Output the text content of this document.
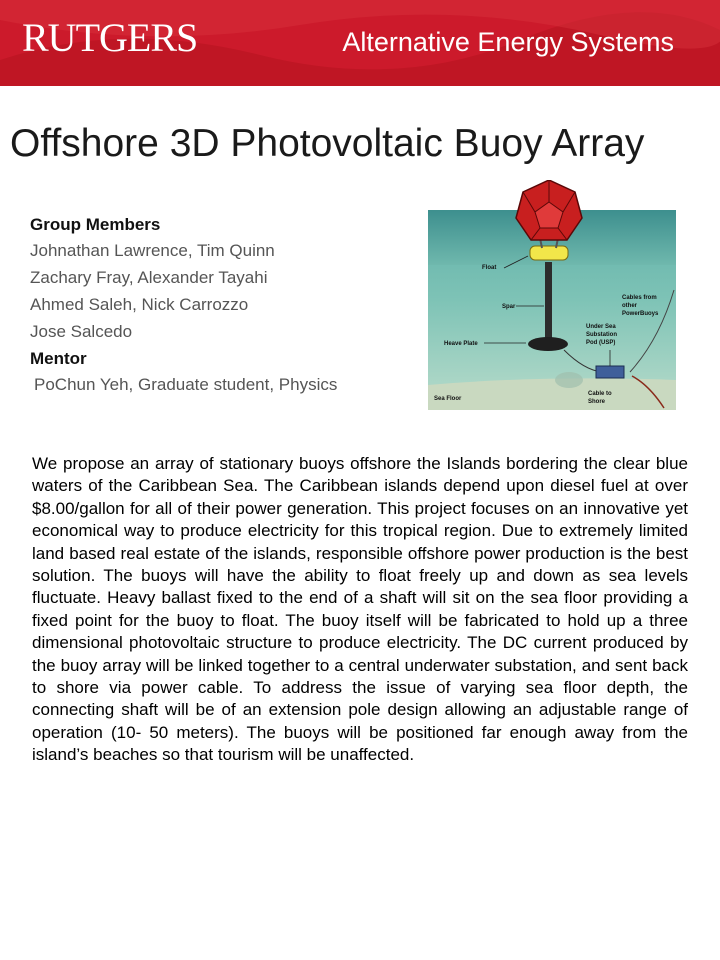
RUTGERS	Alternative Energy Systems
Offshore 3D Photovoltaic Buoy Array
Group Members
Johnathan Lawrence, Tim Quinn
Zachary Fray, Alexander Tayahi
Ahmed Saleh, Nick Carrozzo
Jose Salcedo
Mentor
PoChun Yeh, Graduate student, Physics
Float
Spar
Heave Plate
Sea Floor
Cables from
other
PowerBuoys
Under Sea
Substation
Pod (USP)
Cable to
Shore
We propose an array of stationary buoys offshore the Islands bordering the clear blue waters of the Caribbean Sea. The Caribbean islands depend upon diesel fuel at over $8.00/gallon for all of their power generation. This project focuses on an innovative yet economical way to produce electricity for this tropical region. Due to extremely limited land based real estate of the islands, responsible offshore power production is the best solution. The buoys will have the ability to float freely up and down as sea levels fluctuate. Heavy ballast fixed to the end of a shaft will sit on the sea floor providing a fixed point for the buoy to float. The buoy itself will be fabricated to hold up a three dimensional photovoltaic structure to produce electricity. The DC current produced by the buoy array will be linked together to a central underwater substation, and sent back to shore via power cable. To address the issue of varying sea floor depth, the connecting shaft will be of an extension pole design allowing an adjustable range of operation (10- 50 meters). The buoys will be positioned far enough away from the island’s beaches so that tourism will be unaffected.
